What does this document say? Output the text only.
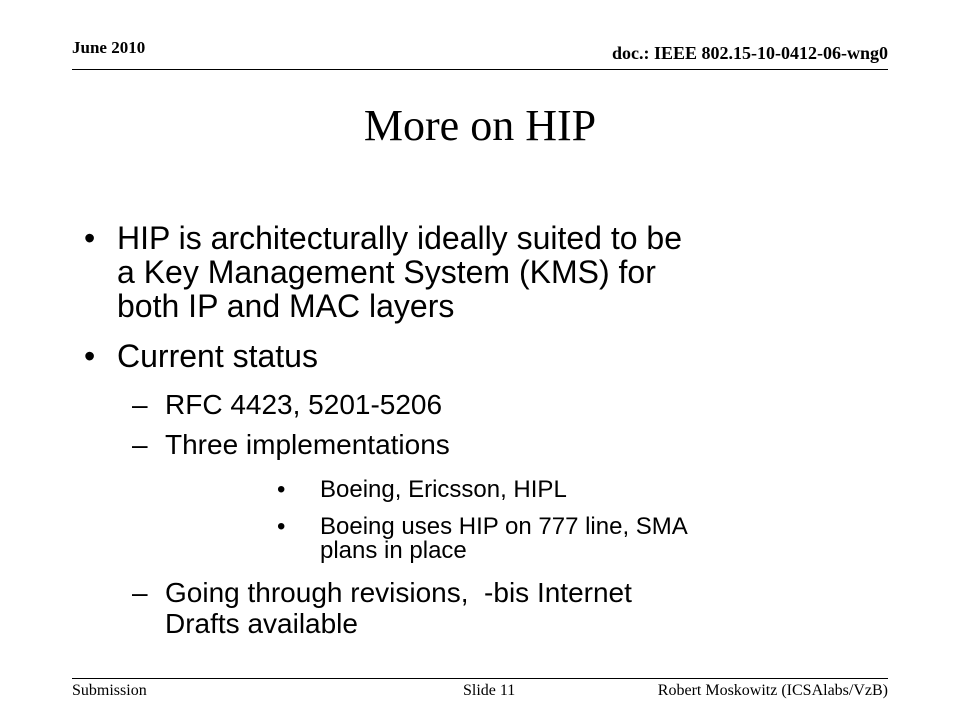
June 2010	doc.: IEEE 802.15-10-0412-06-wng0
More on HIP
• HIP is architecturally ideally suited to be
a Key Management System (KMS) for
both IP and MAC layers
• Current status
– RFC 4423, 5201-5206
– Three implementations
• Boeing, Ericsson, HIPL
• Boeing uses HIP on 777 line, SMA
plans in place
– Going through revisions,  -bis Internet
Drafts available
Submission	Slide 11	Robert Moskowitz (ICSAlabs/VzB)
